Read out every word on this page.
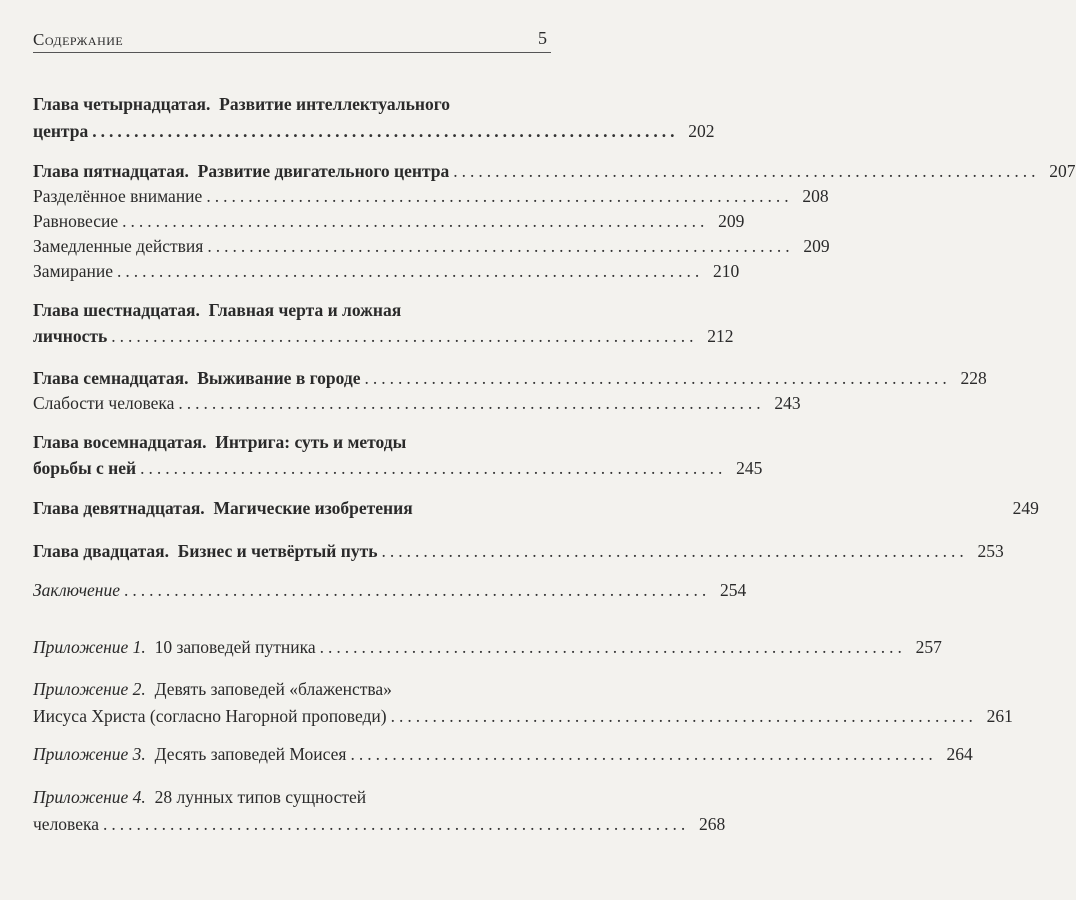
Содержание	5
Глава четырнадцатая. Развитие интеллектуального
центра ...................................................................... 202
Глава пятнадцатая. Развитие двигательного центра ...................................................................... 207
Разделённое внимание ...................................................................... 208
Равновесие ...................................................................... 209
Замедленные действия ...................................................................... 209
Замирание ...................................................................... 210
Глава шестнадцатая. Главная черта и ложная
личность ...................................................................... 212
Глава семнадцатая. Выживание в городе ...................................................................... 228
Слабости человека ...................................................................... 243
Глава восемнадцатая. Интрига: суть и методы
борьбы с ней ...................................................................... 245
Глава девятнадцатая. Магические изобретения	249
Глава двадцатая. Бизнес и четвёртый путь ...................................................................... 253
Заключение ...................................................................... 254
Приложение 1. 10 заповедей путника ...................................................................... 257
Приложение 2. Девять заповедей «блаженства»
Иисуса Христа (согласно Нагорной проповеди) ...................................................................... 261
Приложение 3. Десять заповедей Моисея ...................................................................... 264
Приложение 4. 28 лунных типов сущностей
человека ...................................................................... 268
